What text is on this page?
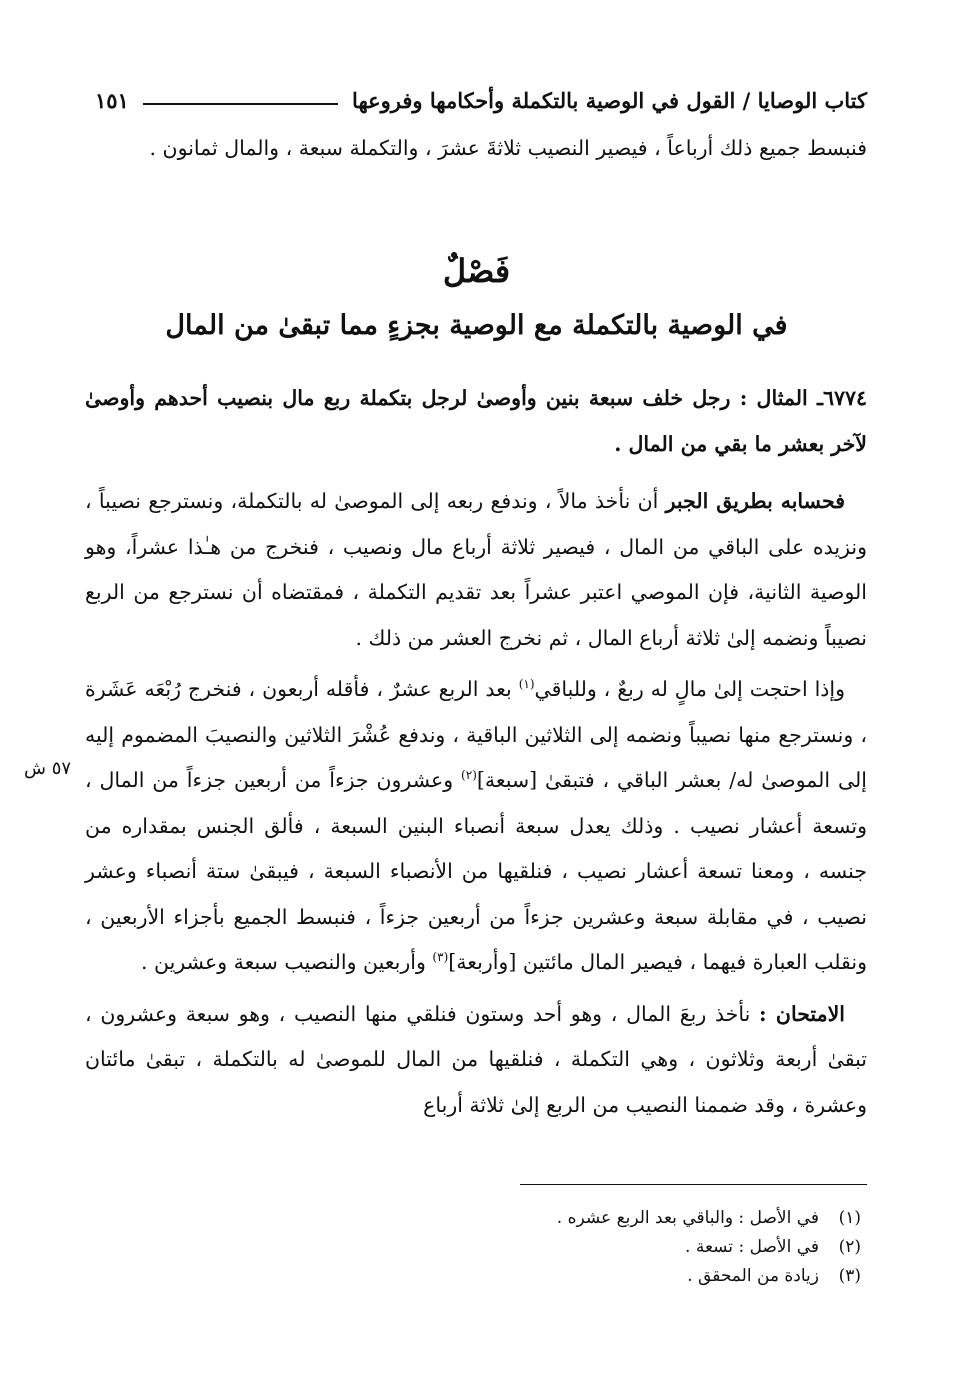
كتاب الوصايا / القول في الوصية بالتكملة وأحكامها وفروعها
١٥١

فنبسط جميع ذلك أرباعاً ، فيصير النصيب ثلاثةَ عشرَ ، والتكملة سبعة ، والمال ثمانون .

فَصْلٌ
في الوصية بالتكملة مع الوصية بجزءٍ مما تبقىٰ من المال

٦٧٧٤ـ المثال : رجل خلف سبعة بنين وأوصىٰ لرجل بتكملة ربع مال بنصيب أحدهم وأوصىٰ لآخر بعشر ما بقي من المال .

فحسابه بطريق الجبر أن نأخذ مالاً ، وندفع ربعه إلى الموصىٰ له بالتكملة، ونسترجع نصيباً ، ونزيده على الباقي من المال ، فيصير ثلاثة أرباع مال ونصيب ، فنخرج من هـٰذا عشراً، وهو الوصية الثانية، فإن الموصي اعتبر عشراً بعد تقديم التكملة ، فمقتضاه أن نسترجع من الربع نصيباً ونضمه إلىٰ ثلاثة أرباع المال ، ثم نخرج العشر من ذلك .

وإذا احتجت إلىٰ مالٍ له ربعٌ ، وللباقي$^{(١)}$ بعد الربع عشرٌ ، فأقله أربعون ، فنخرج رُبْعَه عَشَرة ، ونسترجع منها نصيباً ونضمه إلى الثلاثين الباقية ، وندفع عُشْرَ الثلاثين والنصيبَ المضموم إليه إلى الموصىٰ له/ بعشر الباقي ، فتبقىٰ [سبعة]$^{(٢)}$ وعشرون جزءاً من أربعين جزءاً من المال ، وتسعة أعشار نصيب . وذلك يعدل سبعة أنصباء البنين السبعة ، فألق الجنس بمقداره من جنسه ، ومعنا تسعة أعشار نصيب ، فنلقيها من الأنصباء السبعة ، فيبقىٰ ستة أنصباء وعشر نصيب ، في مقابلة سبعة وعشرين جزءاً من أربعين جزءاً ، فنبسط الجميع بأجزاء الأربعين ، ونقلب العبارة فيهما ، فيصير المال مائتين [وأربعة]$^{(٣)}$ وأربعين والنصيب سبعة وعشرين .

الامتحان : نأخذ ربعَ المال ، وهو أحد وستون فنلقي منها النصيب ، وهو سبعة وعشرون ، تبقىٰ أربعة وثلاثون ، وهي التكملة ، فنلقيها من المال للموصىٰ له بالتكملة ، تبقىٰ مائتان وعشرة ، وقد ضممنا النصيب من الربع إلىٰ ثلاثة أرباع

٥٧ ش
(١)
في الأصل : والباقي بعد الربع عشره .
(٢)
في الأصل : تسعة .
(٣)
زيادة من المحقق .
